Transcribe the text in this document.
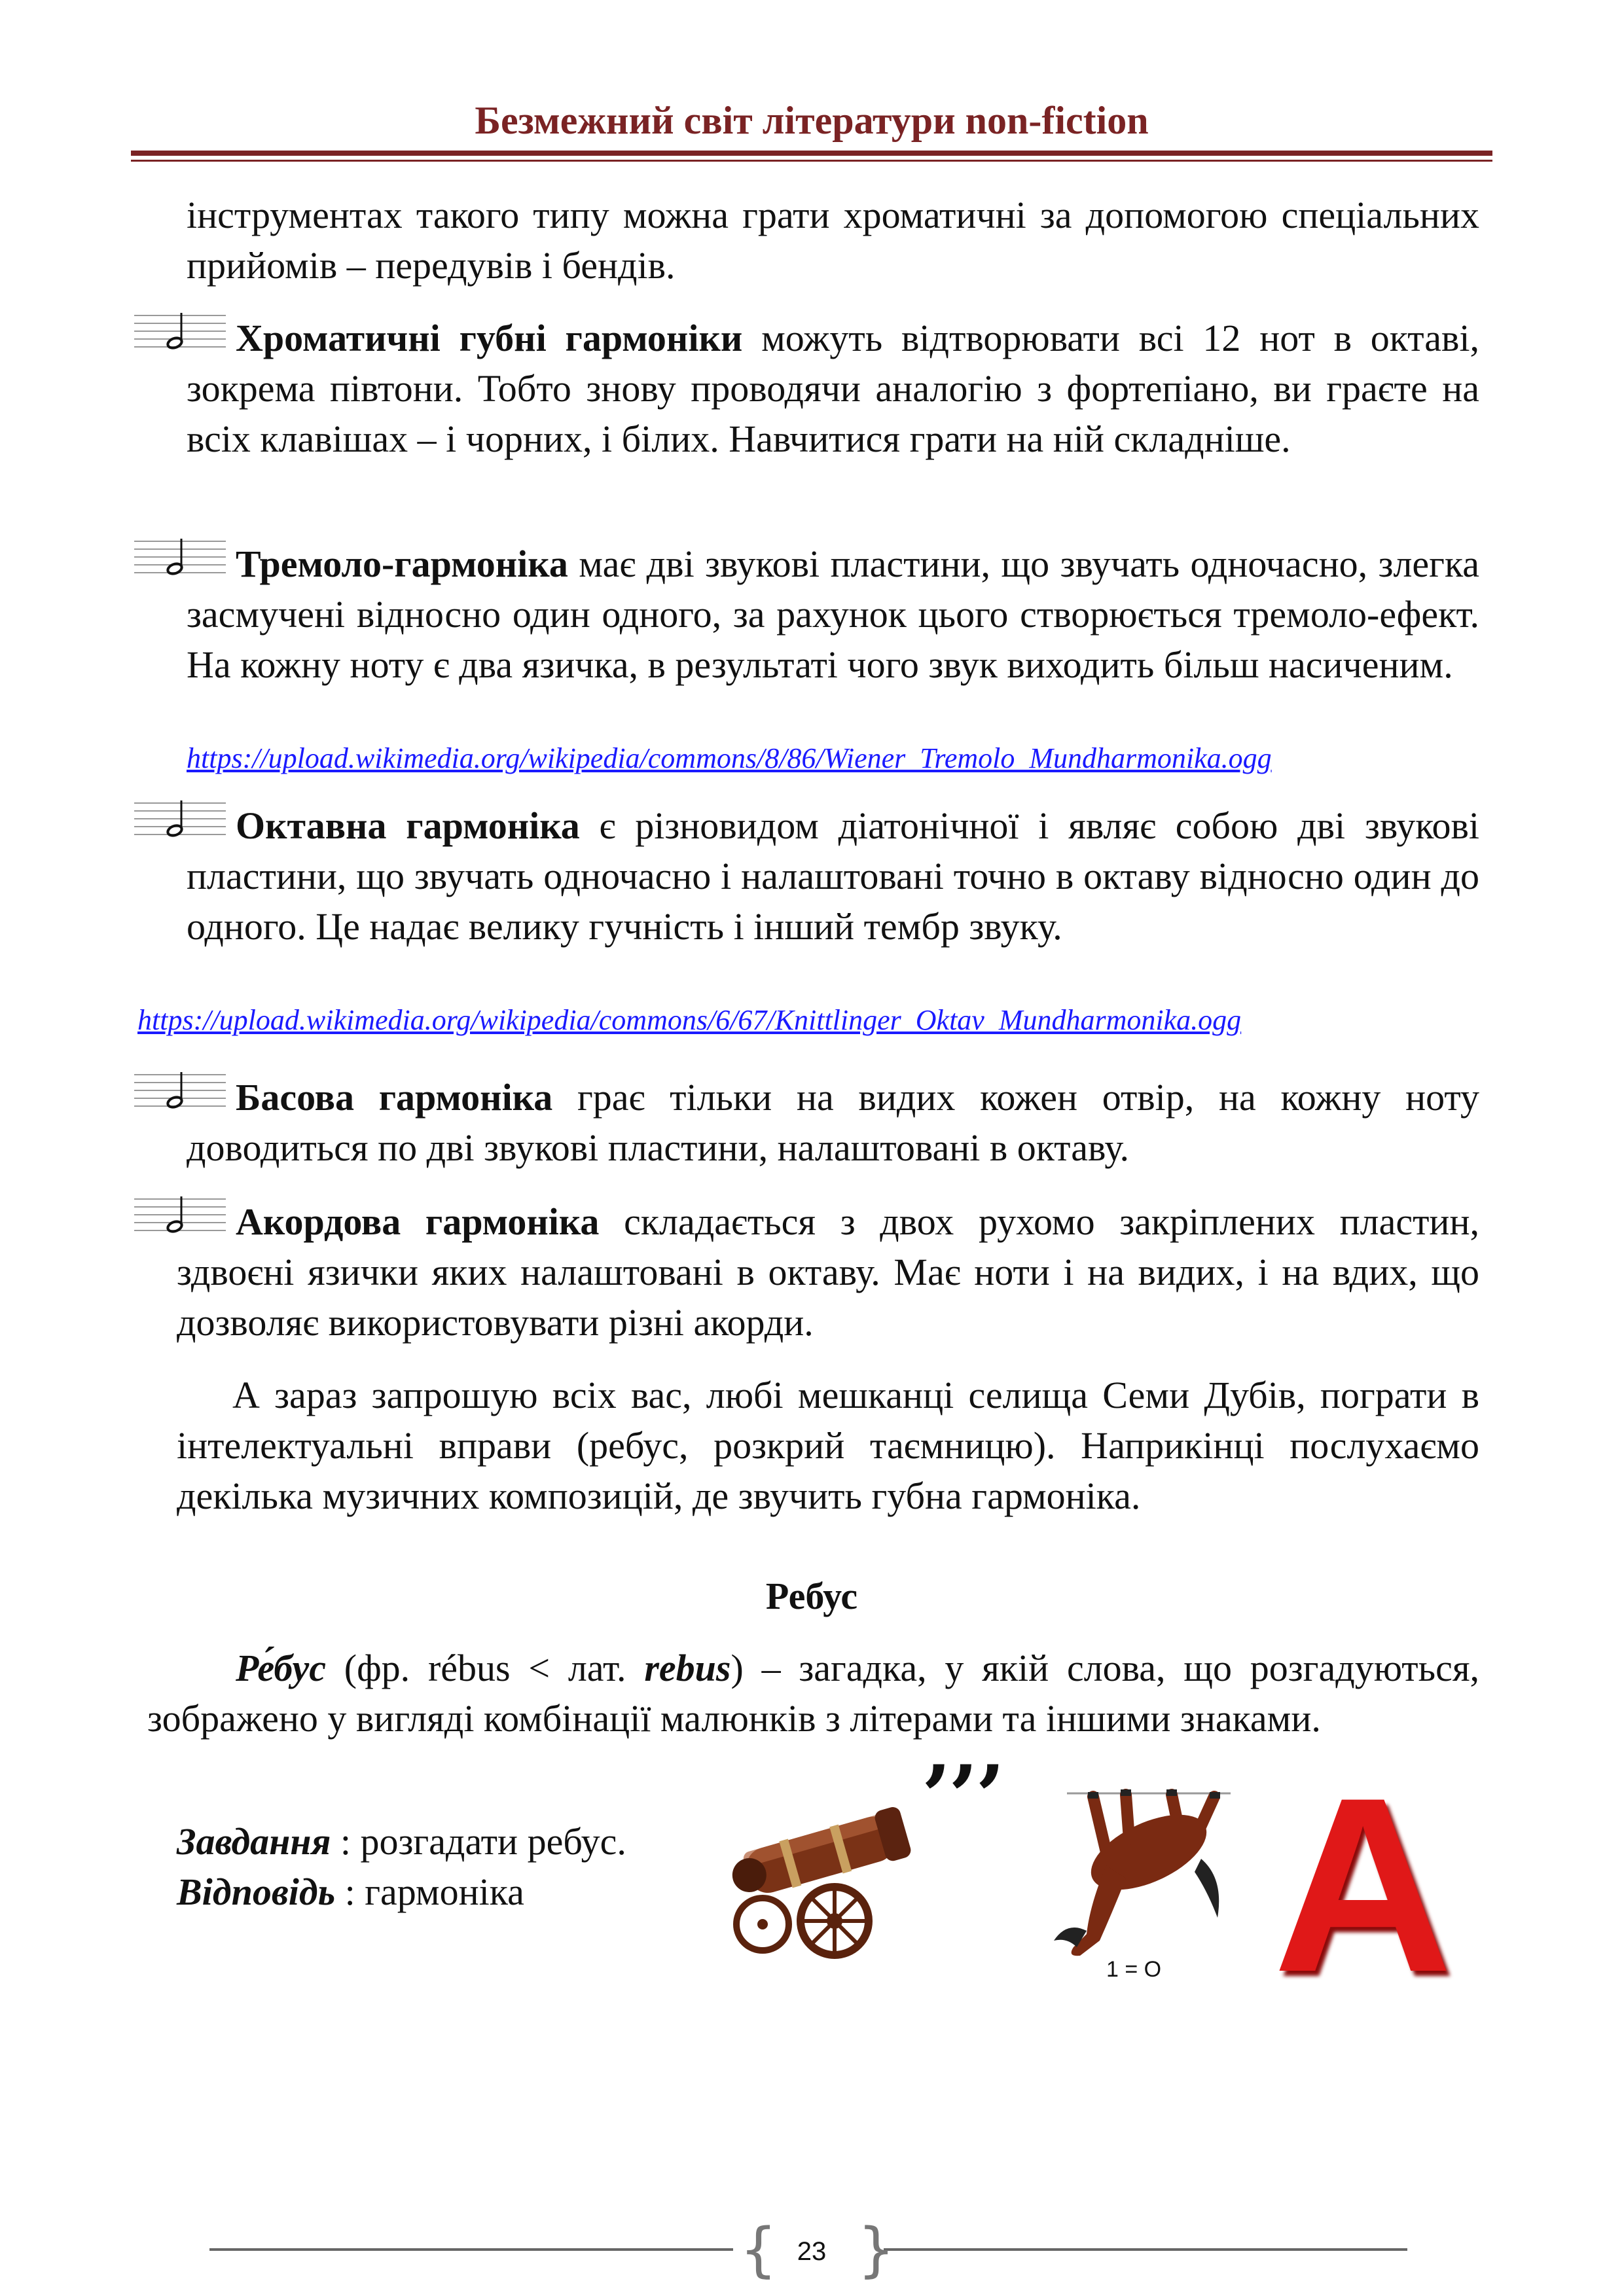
Безмежний світ літератури non-fiction
інструментах такого типу можна грати хроматичні за допомогою спеціальних прийомів – передувів і бендів.
Хроматичні губні гармоніки можуть відтворювати всі 12 нот в октаві, зокрема півтони. Тобто знову проводячи аналогію з фортепіано, ви граєте на всіх клавішах – і чорних, і білих. Навчитися грати на ній складніше.
Тремоло-гармоніка має дві звукові пластини, що звучать одночасно, злегка засмучені відносно один одного, за рахунок цього створюється тремоло-ефект. На кожну ноту є два язичка, в результаті чого звук виходить більш насиченим.
https://upload.wikimedia.org/wikipedia/commons/8/86/Wiener_Tremolo_Mundharmonika.ogg
Октавна гармоніка є різновидом діатонічної і являє собою дві звукові пластини, що звучать одночасно і налаштовані точно в октаву відносно один до одного. Це надає велику гучність і інший тембр звуку.
https://upload.wikimedia.org/wikipedia/commons/6/67/Knittlinger_Oktav_Mundharmonika.ogg
Басова гармоніка грає тільки на видих кожен отвір, на кожну ноту доводиться по дві звукові пластини, налаштовані в октаву.
Акордова гармоніка складається з двох рухомо закріплених пластин, здвоєні язички яких налаштовані в октаву. Має ноти і на видих, і на вдих, що дозволяє використовувати різні акорди.
А зараз запрошую всіх вас, любі мешканці селища Семи Дубів, пограти в інтелектуальні вправи (ребус, розкрий таємницю). Наприкінці послухаємо декілька музичних композицій, де звучить губна гармоніка.
Ребус
Ре́бус (фр. rébus < лат. rebus) – загадка, у якій слова, що розгадуються, зображено у вигляді комбінації малюнків з літерами та іншими знаками.
Завдання : розгадати ребус.
Відповідь : гармоніка
ʼʼʼ
1 = О А
{ }
23
